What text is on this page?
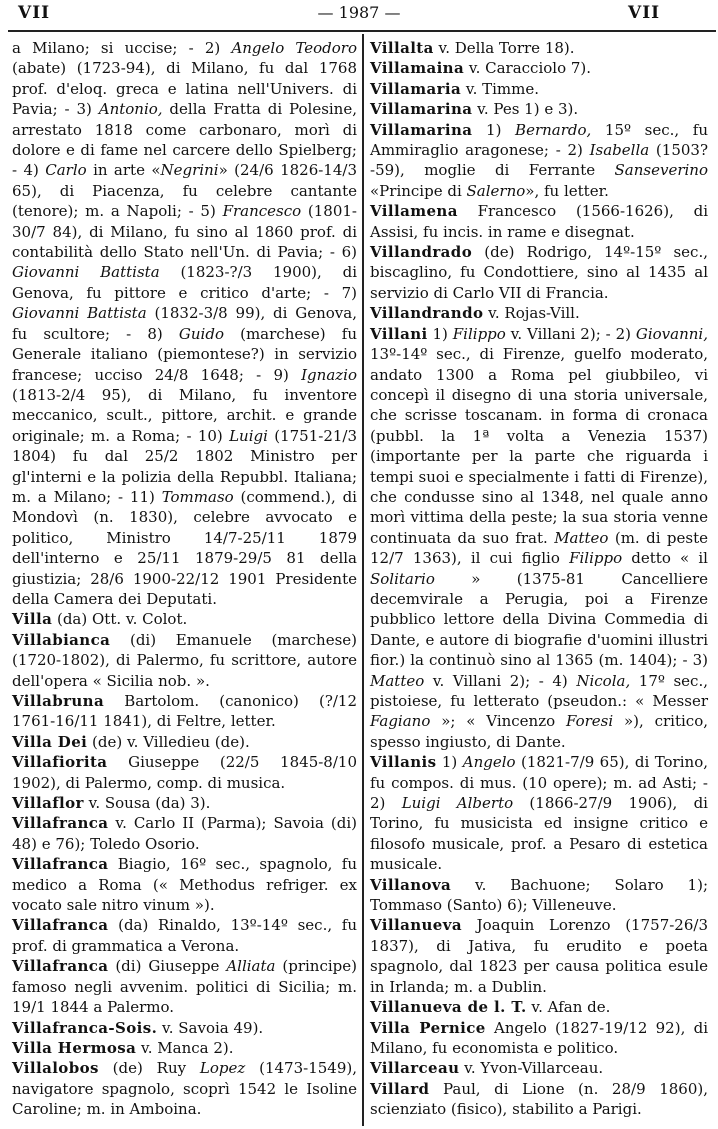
VII	— 1987 —	VII

a Milano; si uccise; - 2) Angelo Teodoro (abate) (1723-94), di Milano, fu dal 1768 prof. d'eloq. greca e latina nell'Univers. di Pavia; - 3) Antonio, della Fratta di Polesine, arrestato 1818 come carbonaro, morì di dolore e di fame nel carcere dello Spielberg; - 4) Carlo in arte «Negrini» (24/6 1826-14/3 65), di Piacenza, fu celebre cantante (tenore); m. a Napoli; - 5) Francesco (1801-30/7 84), di Milano, fu sino al 1860 prof. di contabilità dello Stato nell'Un. di Pavia; - 6) Giovanni Battista (1823-?/3 1900), di Genova, fu pittore e critico d'arte; - 7) Giovanni Battista (1832-3/8 99), di Genova, fu scultore; - 8) Guido (marchese) fu Generale italiano (piemontese?) in servizio francese; ucciso 24/8 1648; - 9) Ignazio (1813-2/4 95), di Milano, fu inventore meccanico, scult., pittore, archit. e grande originale; m. a Roma; - 10) Luigi (1751-21/3 1804) fu dal 25/2 1802 Ministro per gl'interni e la polizia della Repubbl. Italiana; m. a Milano; - 11) Tommaso (commend.), di Mondovì (n. 1830), celebre avvocato e politico, Ministro 14/7-25/11 1879 dell'interno e 25/11 1879-29/5 81 della giustizia; 28/6 1900-22/12 1901 Presidente della Camera dei Deputati.

Villa (da) Ott. v. Colot.

Villabianca (di) Emanuele (marchese) (1720-1802), di Palermo, fu scrittore, autore dell'opera « Sicilia nob. ».

Villabruna Bartolom. (canonico) (?/12 1761-16/11 1841), di Feltre, letter.

Villa Dei (de) v. Villedieu (de).

Villafiorita Giuseppe (22/5 1845-8/10 1902), di Palermo, comp. di musica.

Villaflor v. Sousa (da) 3).

Villafranca v. Carlo II (Parma); Savoia (di) 48) e 76); Toledo Osorio.

Villafranca Biagio, 16º sec., spagnolo, fu medico a Roma (« Methodus refriger. ex vocato sale nitro vinum »).

Villafranca (da) Rinaldo, 13º-14º sec., fu prof. di grammatica a Verona.

Villafranca (di) Giuseppe Alliata (principe) famoso negli avvenim. politici di Sicilia; m. 19/1 1844 a Palermo.

Villafranca-Sois. v. Savoia 49).

Villa Hermosa v. Manca 2).

Villalobos (de) Ruy Lopez (1473-1549), navigatore spagnolo, scoprì 1542 le Isoline Caroline; m. in Amboina.

Villalta v. Della Torre 18).

Villamaina v. Caracciolo 7).

Villamaria v. Timme.

Villamarina v. Pes 1) e 3).

Villamarina 1) Bernardo, 15º sec., fu Ammiraglio aragonese; - 2) Isabella (1503?-59), moglie di Ferrante Sanseverino «Principe di Salerno», fu letter.

Villamena Francesco (1566-1626), di Assisi, fu incis. in rame e disegnat.

Villandrado (de) Rodrigo, 14º-15º sec., biscaglino, fu Condottiere, sino al 1435 al servizio di Carlo VII di Francia.

Villandrando v. Rojas-Vill.

Villani 1) Filippo v. Villani 2); - 2) Giovanni, 13º-14º sec., di Firenze, guelfo moderato, andato 1300 a Roma pel giubbileo, vi concepì il disegno di una storia universale, che scrisse toscanam. in forma di cronaca (pubbl. la 1ª volta a Venezia 1537) (importante per la parte che riguarda i tempi suoi e specialmente i fatti di Firenze), che condusse sino al 1348, nel quale anno morì vittima della peste; la sua storia venne continuata da suo frat. Matteo (m. di peste 12/7 1363), il cui figlio Filippo detto « il Solitario » (1375-81 Cancelliere decemvirale a Perugia, poi a Firenze pubblico lettore della Divina Commedia di Dante, e autore di biografie d'uomini illustri fior.) la continuò sino al 1365 (m. 1404); - 3) Matteo v. Villani 2); - 4) Nicola, 17º sec., pistoiese, fu letterato (pseudon.: « Messer Fagiano »; « Vincenzo Foresi »), critico, spesso ingiusto, di Dante.

Villanis 1) Angelo (1821-7/9 65), di Torino, fu compos. di mus. (10 opere); m. ad Asti; - 2) Luigi Alberto (1866-27/9 1906), di Torino, fu musicista ed insigne critico e filosofo musicale, prof. a Pesaro di estetica musicale.

Villanova v. Bachuone; Solaro 1); Tommaso (Santo) 6); Villeneuve.

Villanueva Joaquin Lorenzo (1757-26/3 1837), di Jativa, fu erudito e poeta spagnolo, dal 1823 per causa politica esule in Irlanda; m. a Dublin.

Villanueva de l. T. v. Afan de.

Villa Pernice Angelo (1827-19/12 92), di Milano, fu economista e politico.

Villarceau v. Yvon-Villarceau.

Villard Paul, di Lione (n. 28/9 1860), scienziato (fisico), stabilito a Parigi.
